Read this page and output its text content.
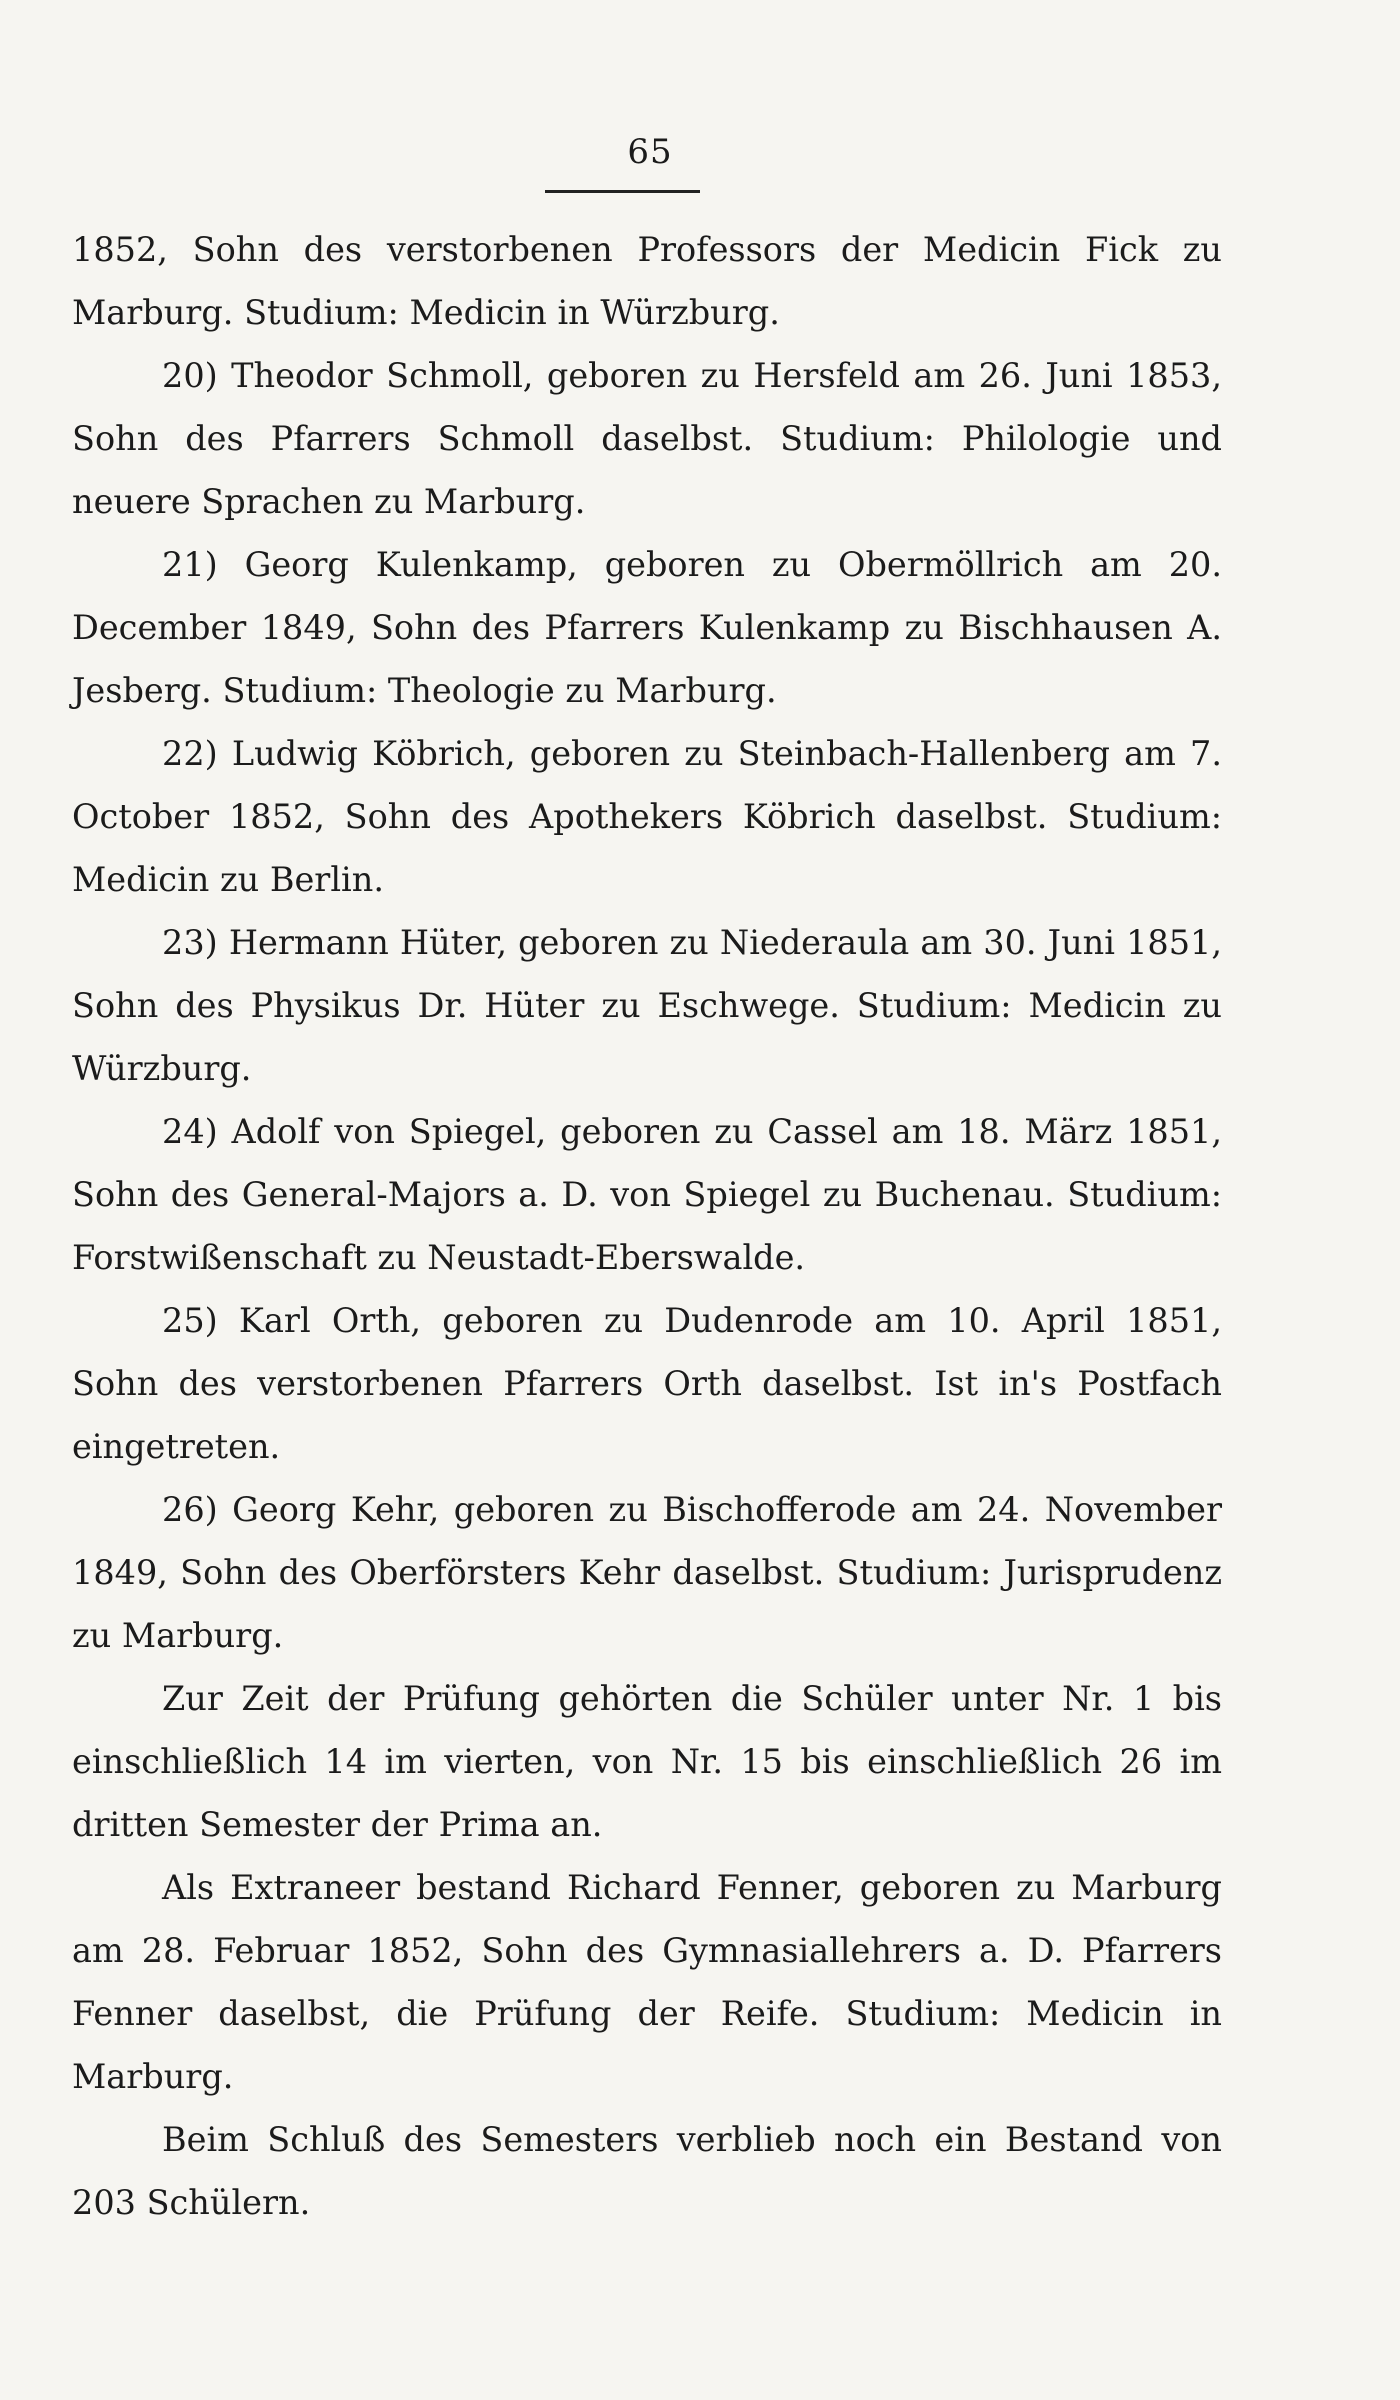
65

1852, Sohn des verstorbenen Professors der Medicin Fick zu Marburg. Studium: Medicin in Würzburg.

20) Theodor Schmoll, geboren zu Hersfeld am 26. Juni 1853, Sohn des Pfarrers Schmoll daselbst. Studium: Philologie und neuere Sprachen zu Marburg.

21) Georg Kulenkamp, geboren zu Obermöllrich am 20. December 1849, Sohn des Pfarrers Kulenkamp zu Bischhausen A. Jesberg. Studium: Theologie zu Marburg.

22) Ludwig Köbrich, geboren zu Steinbach-Hallenberg am 7. October 1852, Sohn des Apothekers Köbrich daselbst. Studium: Medicin zu Berlin.

23) Hermann Hüter, geboren zu Niederaula am 30. Juni 1851, Sohn des Physikus Dr. Hüter zu Eschwege. Studium: Medicin zu Würzburg.

24) Adolf von Spiegel, geboren zu Cassel am 18. März 1851, Sohn des General-Majors a. D. von Spiegel zu Buchenau. Studium: Forstwißenschaft zu Neustadt-Eberswalde.

25) Karl Orth, geboren zu Dudenrode am 10. April 1851, Sohn des verstorbenen Pfarrers Orth daselbst. Ist in's Postfach eingetreten.

26) Georg Kehr, geboren zu Bischofferode am 24. November 1849, Sohn des Oberförsters Kehr daselbst. Studium: Jurisprudenz zu Marburg.

Zur Zeit der Prüfung gehörten die Schüler unter Nr. 1 bis einschließlich 14 im vierten, von Nr. 15 bis einschließlich 26 im dritten Semester der Prima an.

Als Extraneer bestand Richard Fenner, geboren zu Marburg am 28. Februar 1852, Sohn des Gymnasiallehrers a. D. Pfarrers Fenner daselbst, die Prüfung der Reife. Studium: Medicin in Marburg.

Beim Schluß des Semesters verblieb noch ein Bestand von 203 Schülern.
